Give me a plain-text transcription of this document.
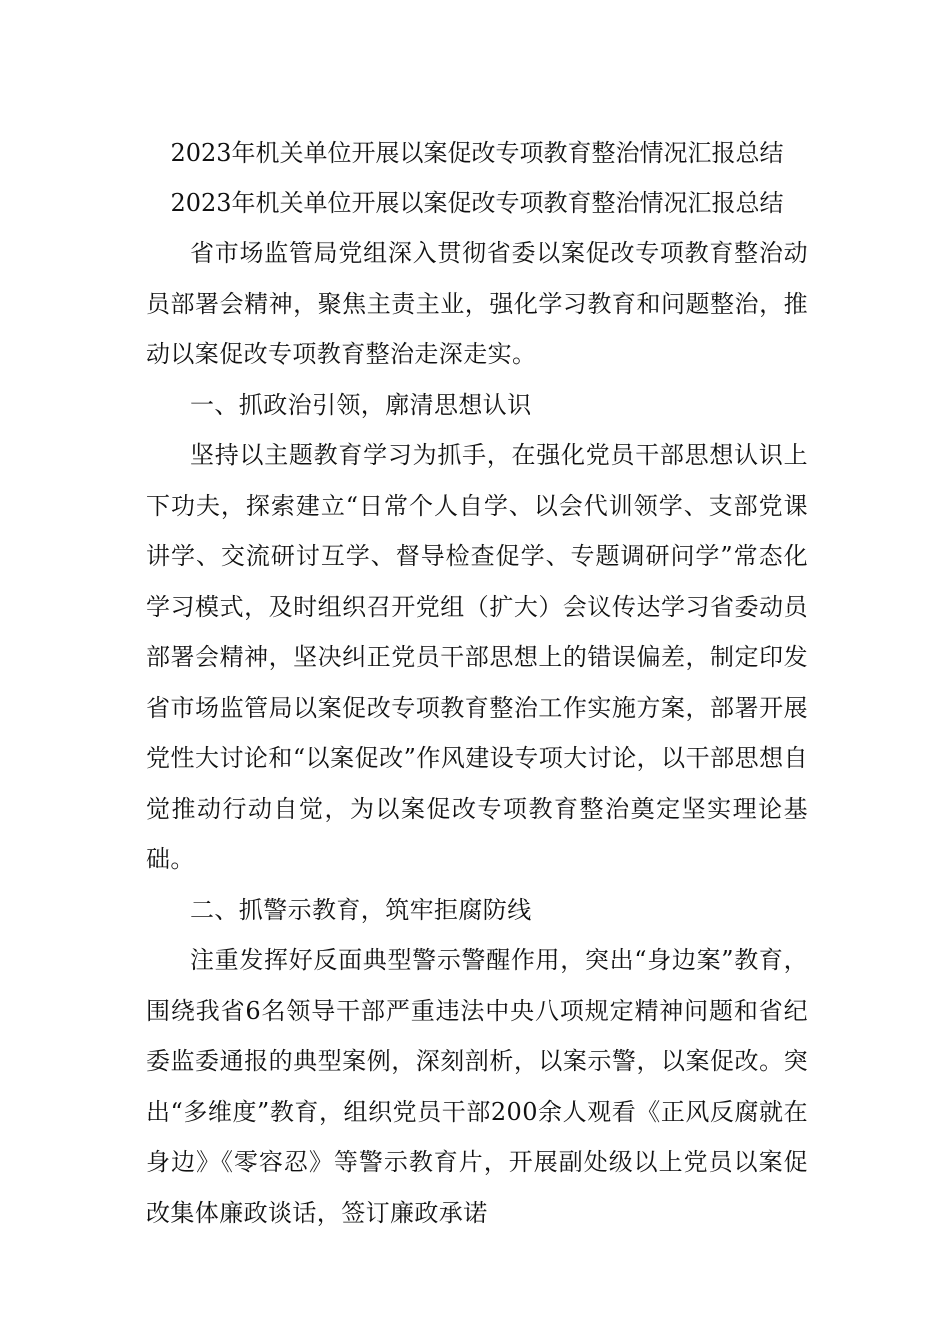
2023年机关单位开展以案促改专项教育整治情况汇报总结
2023年机关单位开展以案促改专项教育整治情况汇报总结

省市场监管局党组深入贯彻省委以案促改专项教育整治动员部署会精神，聚焦主责主业，强化学习教育和问题整治，推动以案促改专项教育整治走深走实。

一、抓政治引领，廓清思想认识

坚持以主题教育学习为抓手，在强化党员干部思想认识上下功夫，探索建立“日常个人自学、以会代训领学、支部党课讲学、交流研讨互学、督导检查促学、专题调研问学”常态化学习模式，及时组织召开党组（扩大）会议传达学习省委动员部署会精神，坚决纠正党员干部思想上的错误偏差，制定印发省市场监管局以案促改专项教育整治工作实施方案，部署开展党性大讨论和“以案促改”作风建设专项大讨论，以干部思想自觉推动行动自觉，为以案促改专项教育整治奠定坚实理论基础。

二、抓警示教育，筑牢拒腐防线

注重发挥好反面典型警示警醒作用，突出“身边案”教育，围绕我省6名领导干部严重违法中央八项规定精神问题和省纪委监委通报的典型案例，深刻剖析，以案示警，以案促改。突出“多维度”教育，组织党员干部200余人观看《正风反腐就在身边》《零容忍》等警示教育片，开展副处级以上党员以案促改集体廉政谈话，签订廉政承诺
